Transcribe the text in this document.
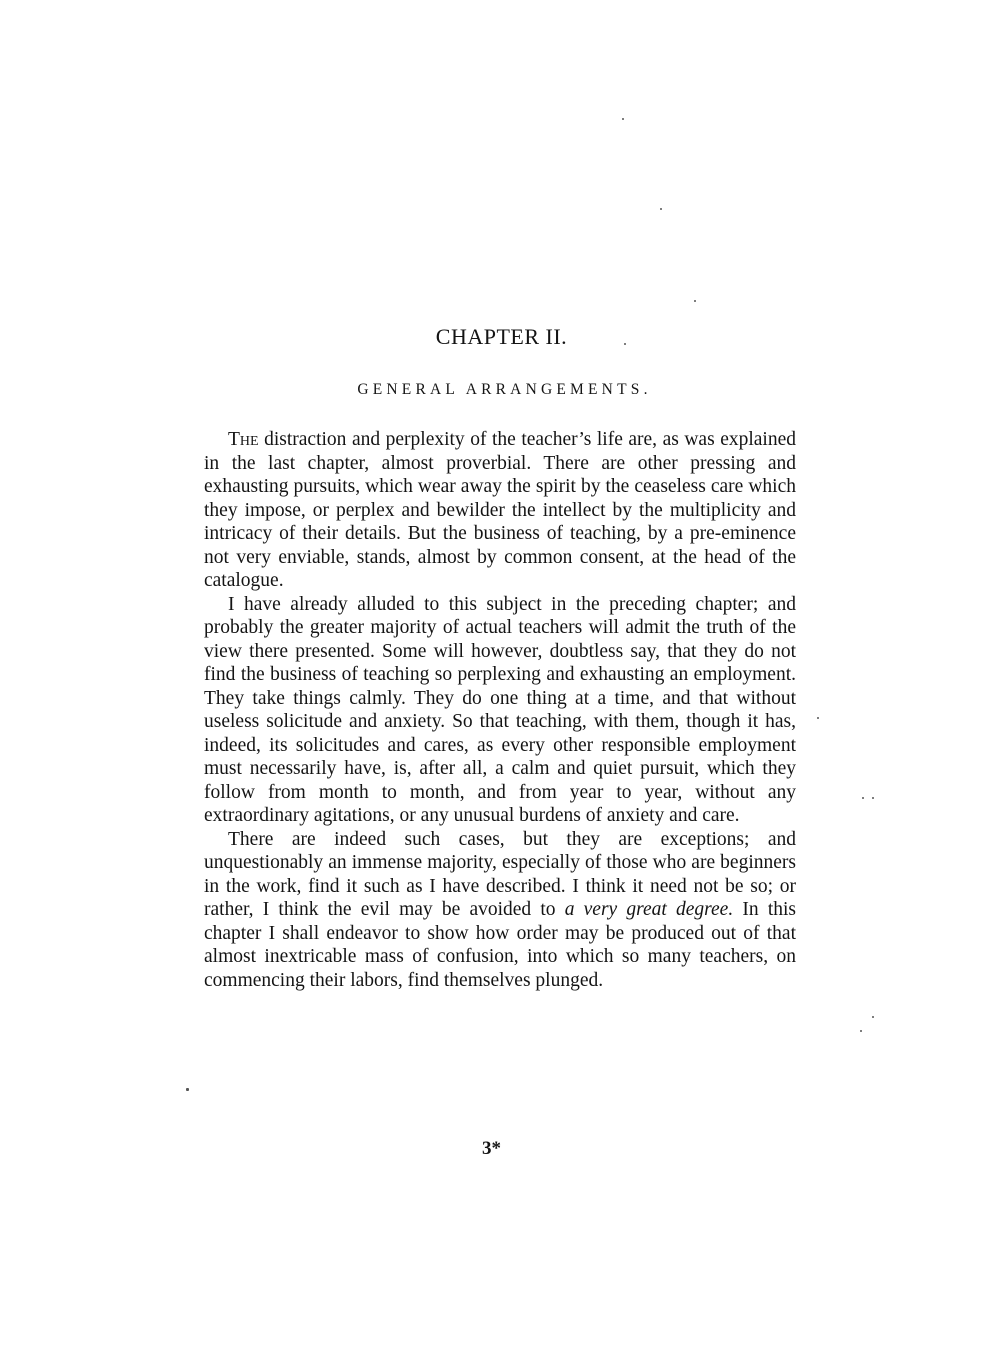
CHAPTER II.
GENERAL ARRANGEMENTS.

The distraction and perplexity of the teacher’s life are, as was explained in the last chapter, almost proverbial. There are other pressing and exhausting pursuits, which wear away the spirit by the ceaseless care which they impose, or perplex and bewilder the intellect by the multiplicity and intricacy of their details. But the business of teaching, by a pre-eminence not very enviable, stands, almost by common consent, at the head of the catalogue.

I have already alluded to this subject in the preceding chapter; and probably the greater majority of actual teachers will admit the truth of the view there presented. Some will however, doubtless say, that they do not find the business of teaching so perplexing and exhausting an employment. They take things calmly. They do one thing at a time, and that without useless solicitude and anxiety. So that teaching, with them, though it has, indeed, its solicitudes and cares, as every other responsible employment must necessarily have, is, after all, a calm and quiet pursuit, which they follow from month to month, and from year to year, without any extraordinary agitations, or any unusual burdens of anxiety and care.

There are indeed such cases, but they are exceptions; and unquestionably an immense majority, especially of those who are beginners in the work, find it such as I have described. I think it need not be so; or rather, I think the evil may be avoided to a very great degree. In this chapter I shall endeavor to show how order may be produced out of that almost inextricable mass of confusion, into which so many teachers, on commencing their labors, find themselves plunged.

3*
